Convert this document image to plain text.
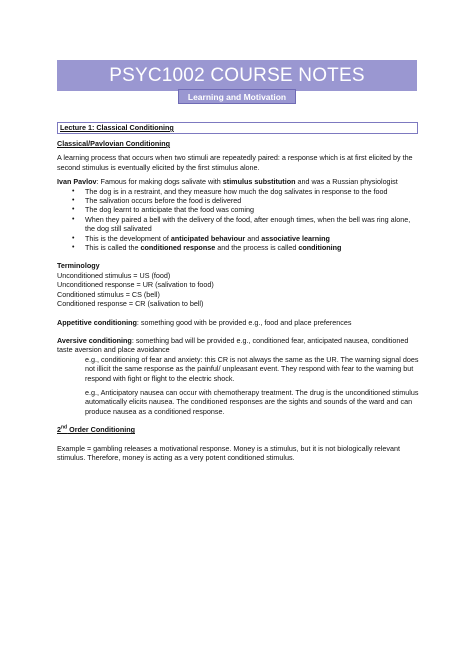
PSYC1002 COURSE NOTES
Learning and Motivation
Lecture 1: Classical Conditioning

Classical/Pavlovian Conditioning

A learning process that occurs when two stimuli are repeatedly paired: a response which is at first elicited by the second stimulus is eventually elicited by the first stimulus alone.

Ivan Pavlov: Famous for making dogs salivate with stimulus substitution and was a Russian physiologist

• The dog is in a restraint, and they measure how much the dog salivates in response to the food
• The salivation occurs before the food is delivered
• The dog learnt to anticipate that the food was coming
• When they paired a bell with the delivery of the food, after enough times, when the bell was ring alone, the dog still salivated
• This is the development of anticipated behaviour and associative learning
• This is called the conditioned response and the process is called conditioning

Terminology

Unconditioned stimulus = US (food)

Unconditioned response = UR (salivation to food)

Conditioned stimulus = CS (bell)

Conditioned response = CR (salivation to bell)

Appetitive conditioning: something good with be provided e.g., food and place preferences

Aversive conditioning: something bad will be provided e.g., conditioned fear, anticipated nausea, conditioned taste aversion and place avoidance

e.g., conditioning of fear and anxiety: this CR is not always the same as the UR. The warning signal does not illicit the same response as the painful/ unpleasant event. They respond with fear to the warning but respond with fight or flight to the electric shock.

e.g., Anticipatory nausea can occur with chemotherapy treatment. The drug is the unconditioned stimulus automatically elicits nausea. The conditioned responses are the sights and sounds of the ward and can produce nausea as a conditioned response.

2nd Order Conditioning

Example = gambling releases a motivational response. Money is a stimulus, but it is not biologically relevant stimulus. Therefore, money is acting as a very potent conditioned stimulus.
